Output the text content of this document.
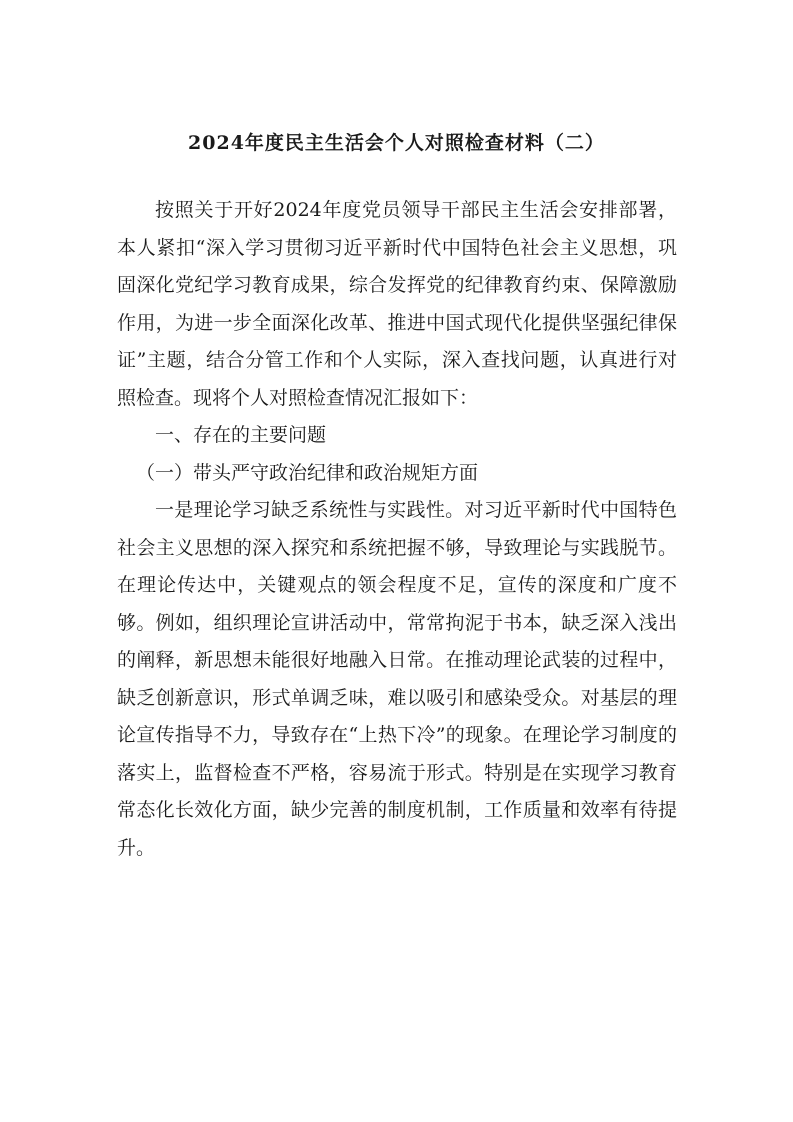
2024年度民主生活会个人对照检查材料（二）

按照关于开好2024年度党员领导干部民主生活会安排部署，本人紧扣“深入学习贯彻习近平新时代中国特色社会主义思想，巩固深化党纪学习教育成果，综合发挥党的纪律教育约束、保障激励作用，为进一步全面深化改革、推进中国式现代化提供坚强纪律保证”主题，结合分管工作和个人实际，深入查找问题，认真进行对照检查。现将个人对照检查情况汇报如下：

一、存在的主要问题

（一）带头严守政治纪律和政治规矩方面

一是理论学习缺乏系统性与实践性。对习近平新时代中国特色社会主义思想的深入探究和系统把握不够，导致理论与实践脱节。在理论传达中，关键观点的领会程度不足，宣传的深度和广度不够。例如，组织理论宣讲活动中，常常拘泥于书本，缺乏深入浅出的阐释，新思想未能很好地融入日常。在推动理论武装的过程中，缺乏创新意识，形式单调乏味，难以吸引和感染受众。对基层的理论宣传指导不力，导致存在“上热下冷”的现象。在理论学习制度的落实上，监督检查不严格，容易流于形式。特别是在实现学习教育常态化长效化方面，缺少完善的制度机制，工作质量和效率有待提升。
